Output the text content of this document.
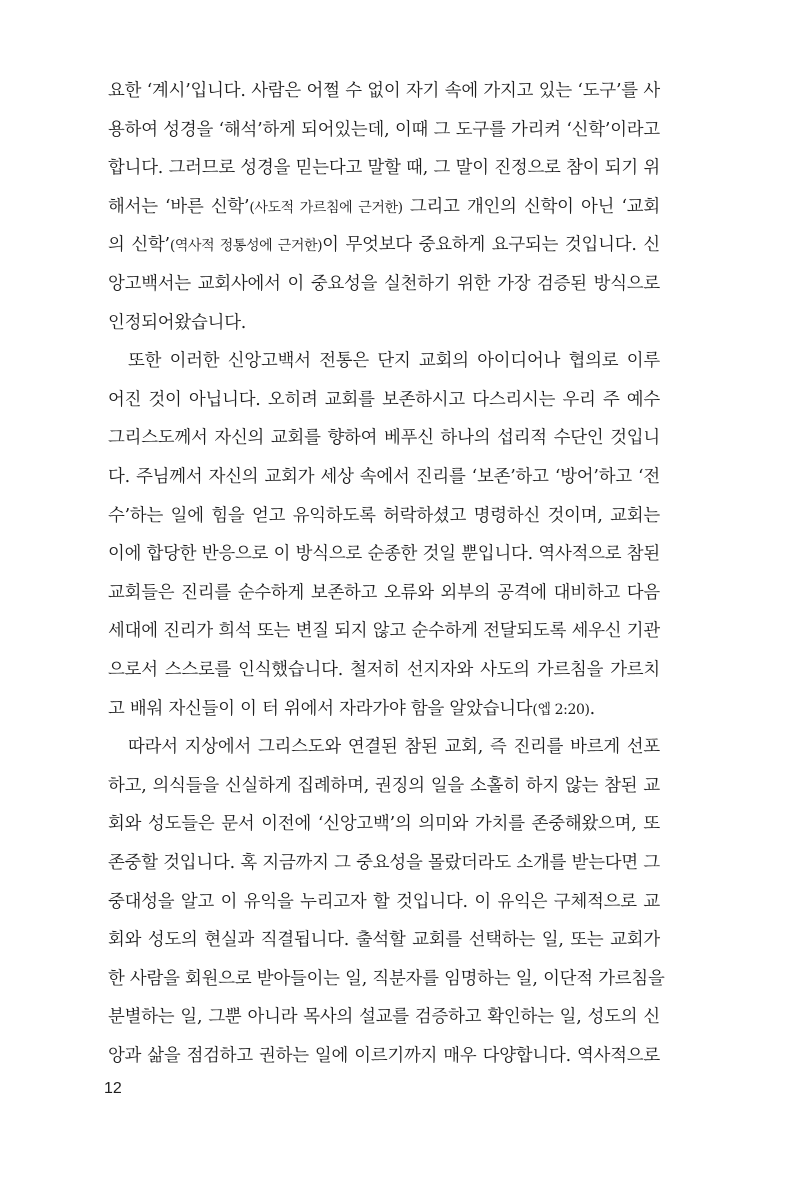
요한 ‘계시’입니다. 사람은 어쩔 수 없이 자기 속에 가지고 있는 ‘도구’를 사
용하여 성경을 ‘해석’하게 되어있는데, 이때 그 도구를 가리켜 ‘신학’이라고
합니다. 그러므로 성경을 믿는다고 말할 때, 그 말이 진정으로 참이 되기 위
해서는 ‘바른 신학’(사도적 가르침에 근거한) 그리고 개인의 신학이 아닌 ‘교회
의 신학’(역사적 정통성에 근거한)이 무엇보다 중요하게 요구되는 것입니다. 신
앙고백서는 교회사에서 이 중요성을 실천하기 위한 가장 검증된 방식으로
인정되어왔습니다.
또한 이러한 신앙고백서 전통은 단지 교회의 아이디어나 협의로 이루
어진 것이 아닙니다. 오히려 교회를 보존하시고 다스리시는 우리 주 예수
그리스도께서 자신의 교회를 향하여 베푸신 하나의 섭리적 수단인 것입니
다. 주님께서 자신의 교회가 세상 속에서 진리를 ‘보존’하고 ‘방어’하고 ‘전
수’하는 일에 힘을 얻고 유익하도록 허락하셨고 명령하신 것이며, 교회는
이에 합당한 반응으로 이 방식으로 순종한 것일 뿐입니다. 역사적으로 참된
교회들은 진리를 순수하게 보존하고 오류와 외부의 공격에 대비하고 다음
세대에 진리가 희석 또는 변질 되지 않고 순수하게 전달되도록 세우신 기관
으로서 스스로를 인식했습니다. 철저히 선지자와 사도의 가르침을 가르치
고 배워 자신들이 이 터 위에서 자라가야 함을 알았습니다(엡 2:20).
따라서 지상에서 그리스도와 연결된 참된 교회, 즉 진리를 바르게 선포
하고, 의식들을 신실하게 집례하며, 권징의 일을 소홀히 하지 않는 참된 교
회와 성도들은 문서 이전에 ‘신앙고백’의 의미와 가치를 존중해왔으며, 또
존중할 것입니다. 혹 지금까지 그 중요성을 몰랐더라도 소개를 받는다면 그
중대성을 알고 이 유익을 누리고자 할 것입니다. 이 유익은 구체적으로 교
회와 성도의 현실과 직결됩니다. 출석할 교회를 선택하는 일, 또는 교회가
한 사람을 회원으로 받아들이는 일, 직분자를 임명하는 일, 이단적 가르침을
분별하는 일, 그뿐 아니라 목사의 설교를 검증하고 확인하는 일, 성도의 신
앙과 삶을 점검하고 권하는 일에 이르기까지 매우 다양합니다. 역사적으로
12
